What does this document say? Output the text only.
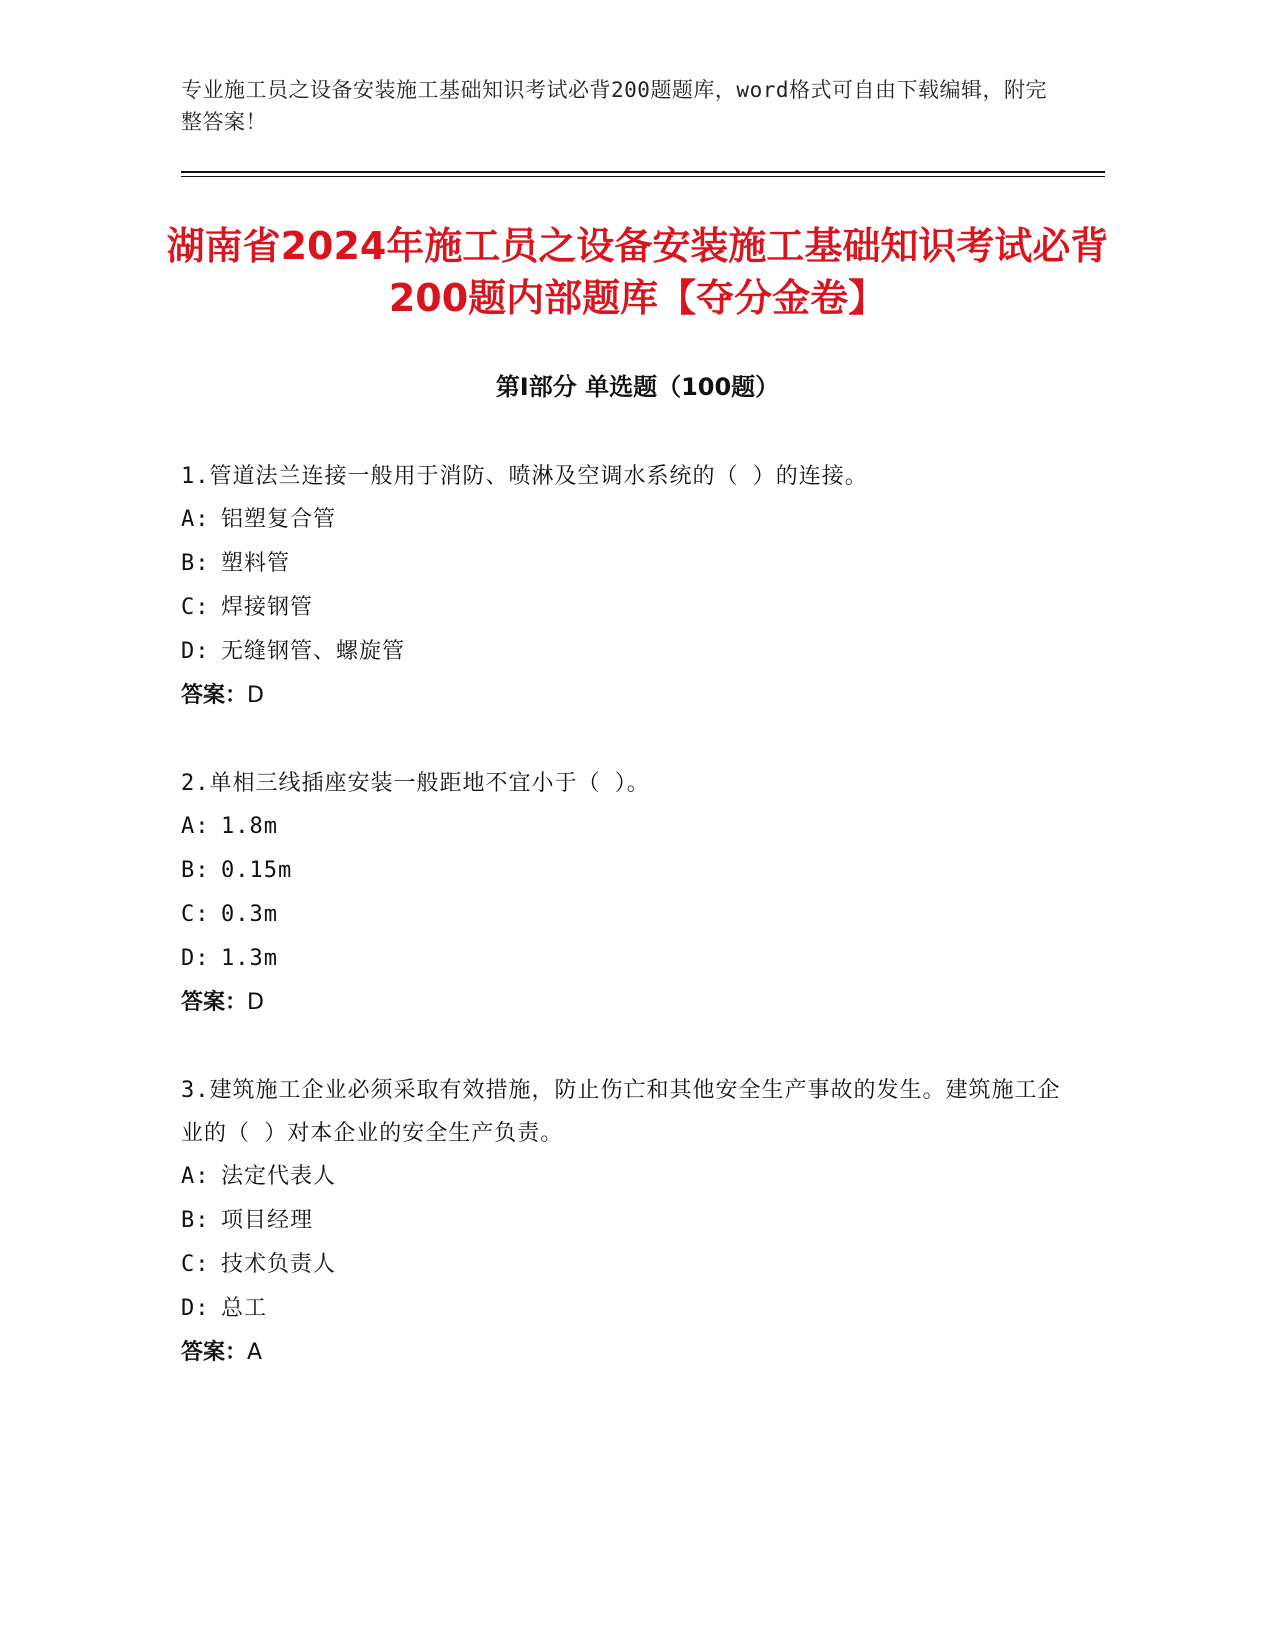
专业施工员之设备安装施工基础知识考试必背200题题库，word格式可自由下载编辑，附完整答案！
湖南省2024年施工员之设备安装施工基础知识考试必背200题内部题库【夺分金卷】
第Ⅰ部分 单选题（100题）
1.管道法兰连接一般用于消防、喷淋及空调水系统的（ ）的连接。
A: 铝塑复合管
B: 塑料管
C: 焊接钢管
D: 无缝钢管、螺旋管
答案：D
2.单相三线插座安装一般距地不宜小于（ ）。
A: 1.8m
B: 0.15m
C: 0.3m
D: 1.3m
答案：D
3.建筑施工企业必须采取有效措施，防止伤亡和其他安全生产事故的发生。建筑施工企业的（ ）对本企业的安全生产负责。
A: 法定代表人
B: 项目经理
C: 技术负责人
D: 总工
答案：A
